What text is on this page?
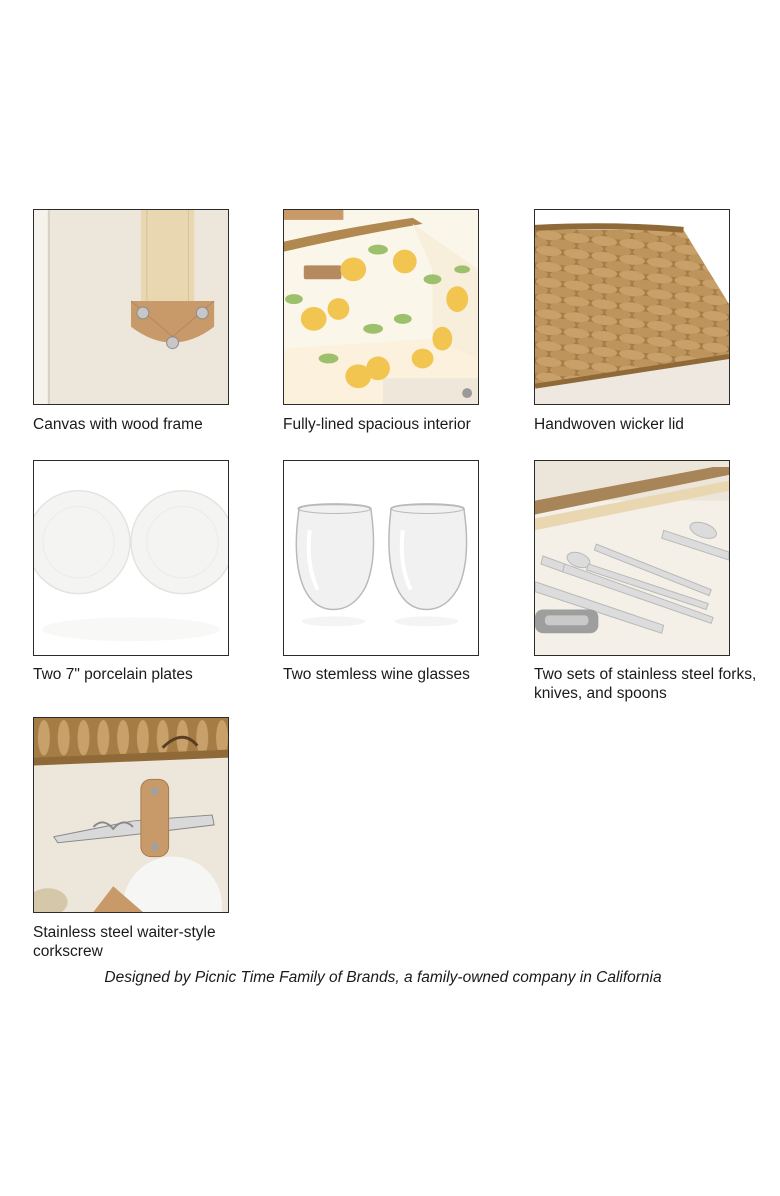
Canvas with wood frame	Fully-lined spacious interior	Handwoven wicker lid
Two 7" porcelain plates	Two stemless wine glasses	Two sets of stainless steel forks,
knives, and spoons
Stainless steel waiter-style
corkscrew
Designed by Picnic Time Family of Brands, a family-owned company in California
